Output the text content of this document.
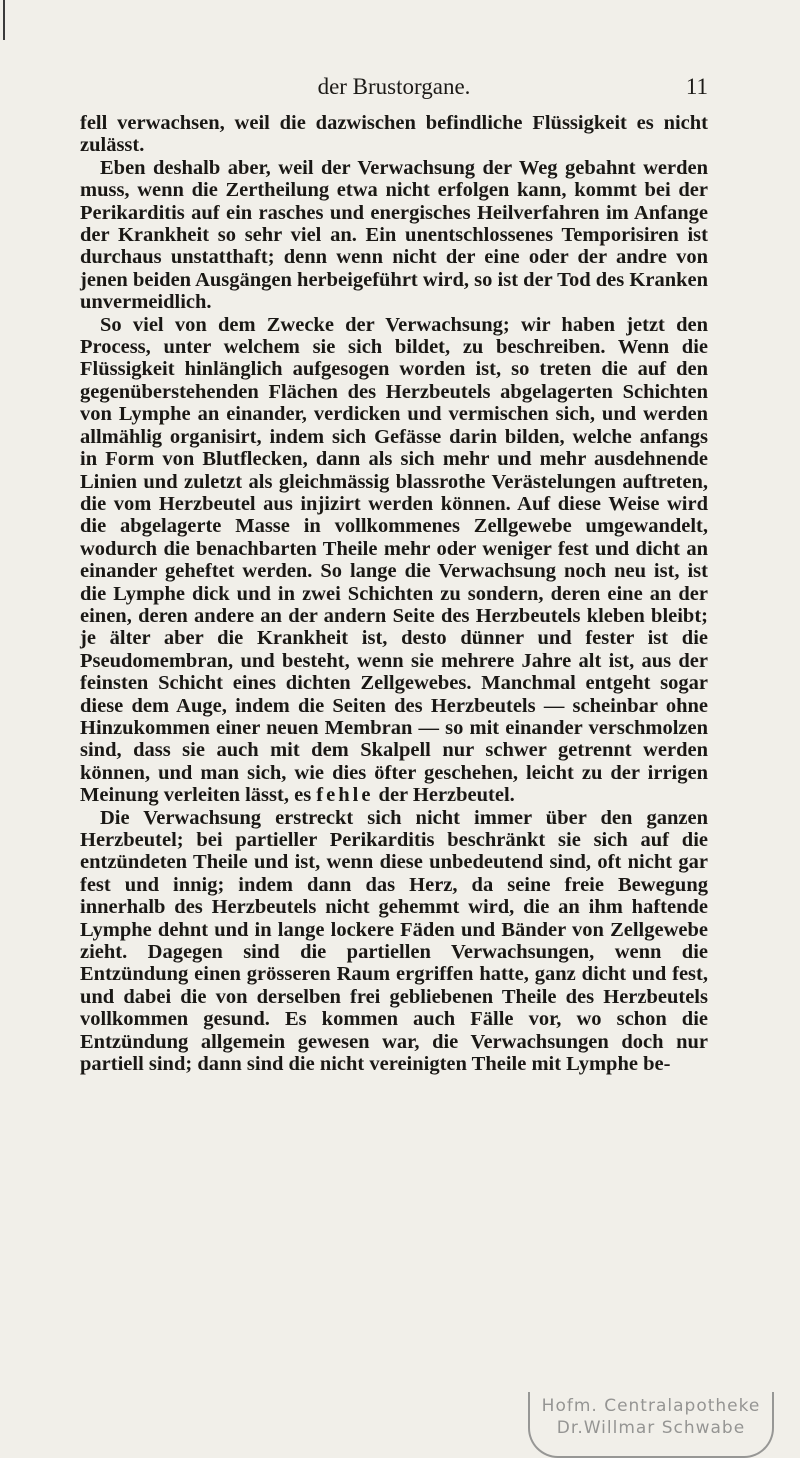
der Brustorgane.	11

fell verwachsen, weil die dazwischen befindliche Flüssigkeit es nicht zulässt.

Eben deshalb aber, weil der Verwachsung der Weg gebahnt werden muss, wenn die Zertheilung etwa nicht erfolgen kann, kommt bei der Perikarditis auf ein rasches und energisches Heilverfahren im Anfange der Krankheit so sehr viel an. Ein unentschlossenes Temporisiren ist durchaus unstatthaft; denn wenn nicht der eine oder der andre von jenen beiden Ausgängen herbeigeführt wird, so ist der Tod des Kranken unvermeidlich.

So viel von dem Zwecke der Verwachsung; wir haben jetzt den Process, unter welchem sie sich bildet, zu beschreiben. Wenn die Flüssigkeit hinlänglich aufgesogen worden ist, so treten die auf den gegenüberstehenden Flächen des Herzbeutels abgelagerten Schichten von Lymphe an einander, verdicken und vermischen sich, und werden allmählig organisirt, indem sich Gefässe darin bilden, welche anfangs in Form von Blutflecken, dann als sich mehr und mehr ausdehnende Linien und zuletzt als gleichmässig blassrothe Verästelungen auftreten, die vom Herzbeutel aus injizirt werden können. Auf diese Weise wird die abgelagerte Masse in vollkommenes Zellgewebe umgewandelt, wodurch die benachbarten Theile mehr oder weniger fest und dicht an einander geheftet werden. So lange die Verwachsung noch neu ist, ist die Lymphe dick und in zwei Schichten zu sondern, deren eine an der einen, deren andere an der andern Seite des Herzbeutels kleben bleibt; je älter aber die Krankheit ist, desto dünner und fester ist die Pseudomembran, und besteht, wenn sie mehrere Jahre alt ist, aus der feinsten Schicht eines dichten Zellgewebes. Manchmal entgeht sogar diese dem Auge, indem die Seiten des Herzbeutels — scheinbar ohne Hinzukommen einer neuen Membran — so mit einander verschmolzen sind, dass sie auch mit dem Skalpell nur schwer getrennt werden können, und man sich, wie dies öfter geschehen, leicht zu der irrigen Meinung verleiten lässt, es fehle der Herzbeutel.

Die Verwachsung erstreckt sich nicht immer über den ganzen Herzbeutel; bei partieller Perikarditis beschränkt sie sich auf die entzündeten Theile und ist, wenn diese unbedeutend sind, oft nicht gar fest und innig; indem dann das Herz, da seine freie Bewegung innerhalb des Herzbeutels nicht gehemmt wird, die an ihm haftende Lymphe dehnt und in lange lockere Fäden und Bänder von Zellgewebe zieht. Dagegen sind die partiellen Verwachsungen, wenn die Entzündung einen grösseren Raum ergriffen hatte, ganz dicht und fest, und dabei die von derselben frei gebliebenen Theile des Herzbeutels vollkommen gesund. Es kommen auch Fälle vor, wo schon die Entzündung allgemein gewesen war, die Verwachsungen doch nur partiell sind; dann sind die nicht vereinigten Theile mit Lymphe be-

Hofm. Centralapotheke
Dr.Willmar Schwabe
